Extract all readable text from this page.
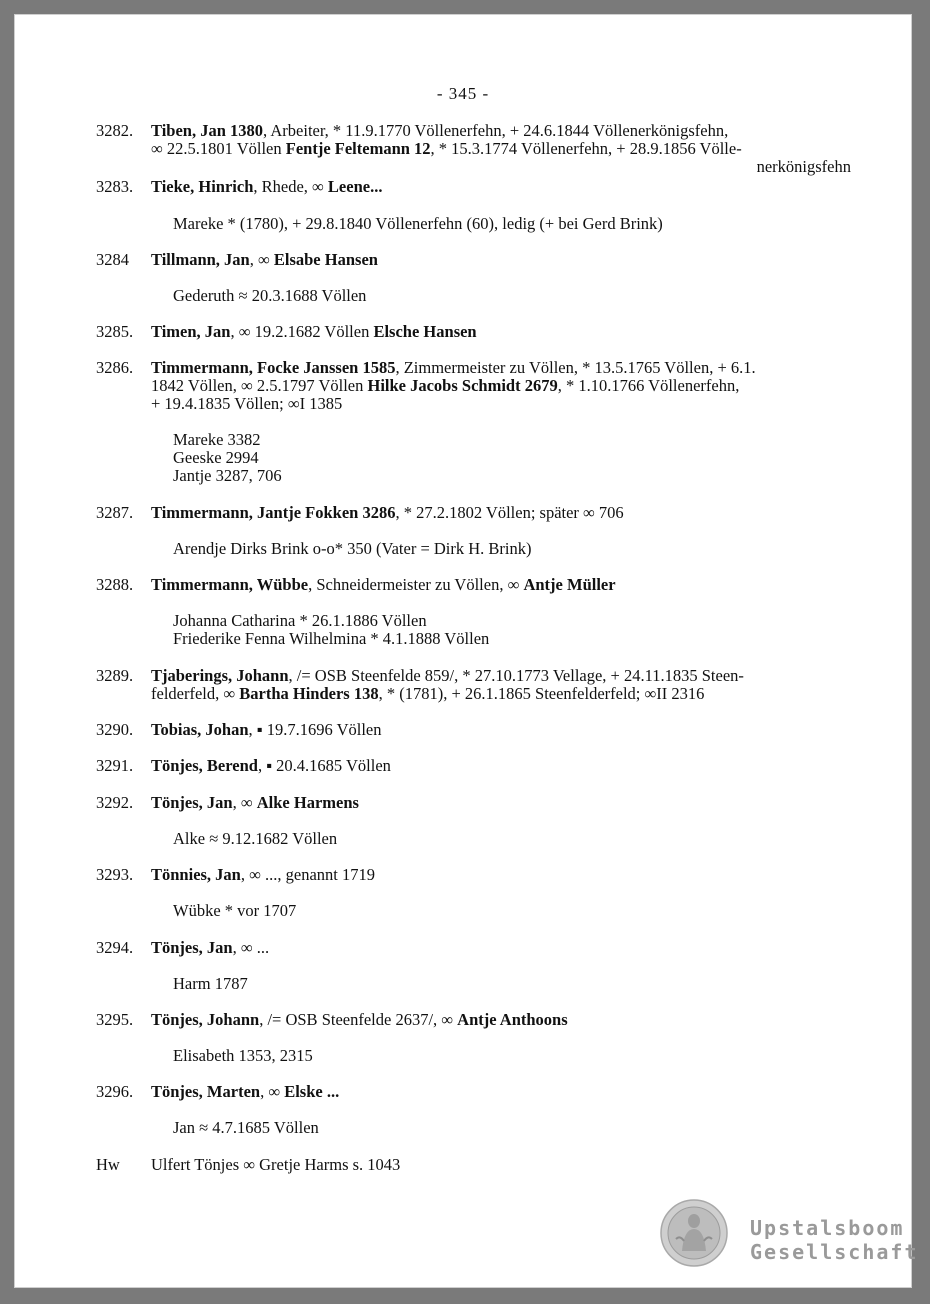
- 345 -
3282. Tiben, Jan 1380, Arbeiter, * 11.9.1770 Völlenerfehn, + 24.6.1844 Völlenerkönigsfehn,
∞ 22.5.1801 Völlen Fentje Feltemann 12, * 15.3.1774 Völlenerfehn, + 28.9.1856 Völle-
nerkönigsfehn
3283. Tieke, Hinrich, Rhede, ∞ Leene...
Mareke * (1780), + 29.8.1840 Völlenerfehn (60), ledig (+ bei Gerd Brink)
3284 Tillmann, Jan, ∞ Elsabe Hansen
Gederuth ≈ 20.3.1688 Völlen
3285. Timen, Jan, ∞ 19.2.1682 Völlen Elsche Hansen
3286. Timmermann, Focke Janssen 1585, Zimmermeister zu Völlen, * 13.5.1765 Völlen, + 6.1.
1842 Völlen, ∞ 2.5.1797 Völlen Hilke Jacobs Schmidt 2679, * 1.10.1766 Völlenerfehn,
+ 19.4.1835 Völlen; ∞I 1385
Mareke 3382
Geeske 2994
Jantje 3287, 706
3287. Timmermann, Jantje Fokken 3286, * 27.2.1802 Völlen; später ∞ 706
Arendje Dirks Brink o-o* 350 (Vater = Dirk H. Brink)
3288. Timmermann, Wübbe, Schneidermeister zu Völlen, ∞ Antje Müller
Johanna Catharina * 26.1.1886 Völlen
Friederike Fenna Wilhelmina * 4.1.1888 Völlen
3289. Tjaberings, Johann, /= OSB Steenfelde 859/, * 27.10.1773 Vellage, + 24.11.1835 Steen-
felderfeld, ∞ Bartha Hinders 138, * (1781), + 26.1.1865 Steenfelderfeld; ∞II 2316
3290. Tobias, Johan, ▪ 19.7.1696 Völlen
3291. Tönjes, Berend, ▪ 20.4.1685 Völlen
3292. Tönjes, Jan, ∞ Alke Harmens
Alke ≈ 9.12.1682 Völlen
3293. Tönnies, Jan, ∞ ..., genannt 1719
Wübke * vor 1707
3294. Tönjes, Jan, ∞ ...
Harm 1787
3295. Tönjes, Johann, /= OSB Steenfelde 2637/, ∞ Antje Anthoons
Elisabeth 1353, 2315
3296. Tönjes, Marten, ∞ Elske ...
Jan ≈ 4.7.1685 Völlen
Hw Ulfert Tönjes ∞ Gretje Harms s. 1043
Upstalsboom
Gesellschaft
